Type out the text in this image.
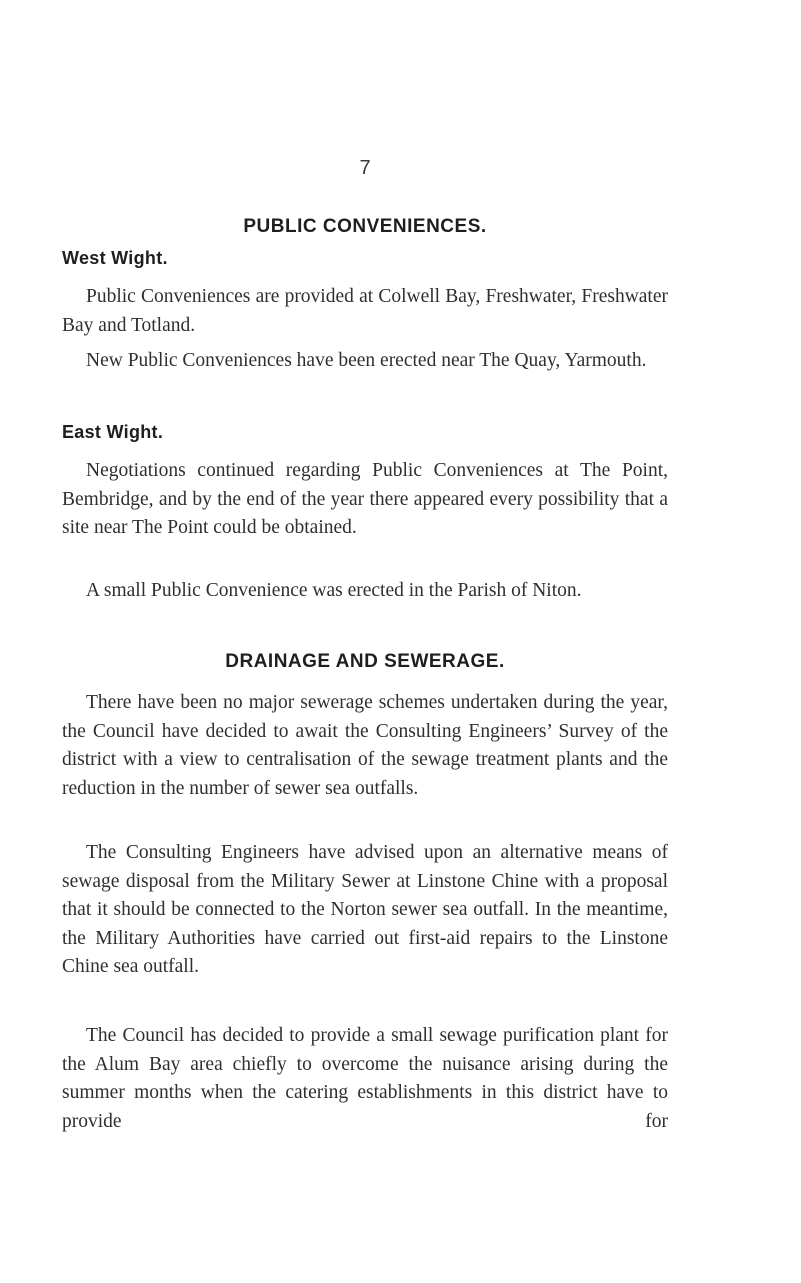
7
PUBLIC CONVENIENCES.
West Wight.

Public Conveniences are provided at Colwell Bay, Freshwater, Freshwater Bay and Totland.

New Public Conveniences have been erected near The Quay, Yarmouth.

East Wight.

Negotiations continued regarding Public Conveniences at The Point, Bembridge, and by the end of the year there appeared every possibility that a site near The Point could be obtained.

A small Public Convenience was erected in the Parish of Niton.

DRAINAGE AND SEWERAGE.

There have been no major sewerage schemes undertaken during the year, the Council have decided to await the Consulting Engineers’ Survey of the district with a view to centralisation of the sewage treatment plants and the reduction in the number of sewer sea outfalls.

The Consulting Engineers have advised upon an alternative means of sewage disposal from the Military Sewer at Linstone Chine with a proposal that it should be connected to the Norton sewer sea outfall. In the meantime, the Military Authorities have carried out first-aid repairs to the Linstone Chine sea outfall.

The Council has decided to provide a small sewage purification plant for the Alum Bay area chiefly to overcome the nuisance arising during the summer months when the catering establishments in this district have to provide for
